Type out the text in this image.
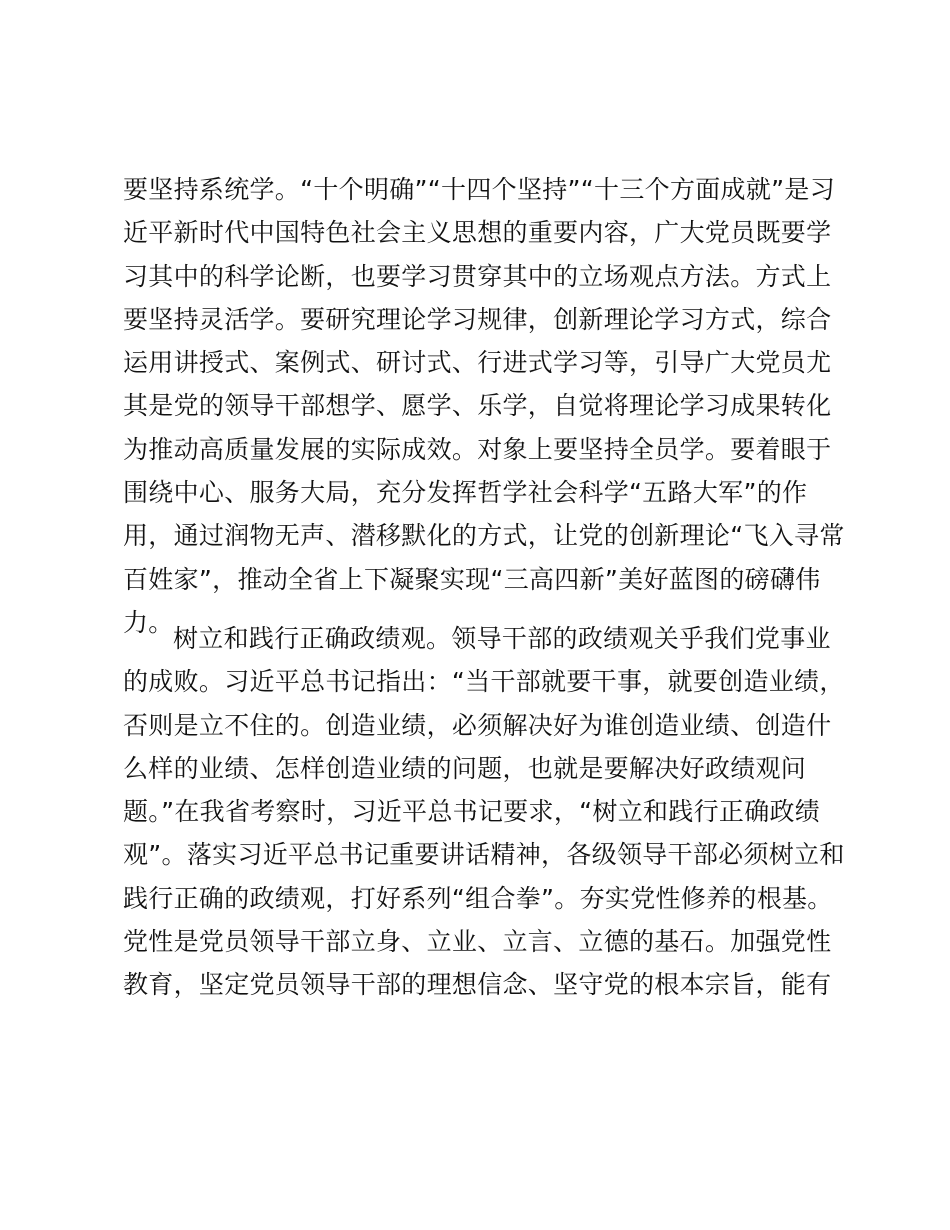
要坚持系统学。“十个明确”“十四个坚持”“十三个方面成就”是习
近平新时代中国特色社会主义思想的重要内容，广大党员既要学
习其中的科学论断，也要学习贯穿其中的立场观点方法。方式上
要坚持灵活学。要研究理论学习规律，创新理论学习方式，综合
运用讲授式、案例式、研讨式、行进式学习等，引导广大党员尤
其是党的领导干部想学、愿学、乐学，自觉将理论学习成果转化
为推动高质量发展的实际成效。对象上要坚持全员学。要着眼于
围绕中心、服务大局，充分发挥哲学社会科学“五路大军”的作
用，通过润物无声、潜移默化的方式，让党的创新理论“飞入寻常
百姓家”，推动全省上下凝聚实现“三高四新”美好蓝图的磅礴伟
力。
树立和践行正确政绩观。领导干部的政绩观关乎我们党事业
的成败。习近平总书记指出：“当干部就要干事，就要创造业绩，
否则是立不住的。创造业绩，必须解决好为谁创造业绩、创造什
么样的业绩、怎样创造业绩的问题，也就是要解决好政绩观问
题。”在我省考察时，习近平总书记要求，“树立和践行正确政绩
观”。落实习近平总书记重要讲话精神，各级领导干部必须树立和
践行正确的政绩观，打好系列“组合拳”。夯实党性修养的根基。
党性是党员领导干部立身、立业、立言、立德的基石。加强党性
教育，坚定党员领导干部的理想信念、坚守党的根本宗旨，能有
